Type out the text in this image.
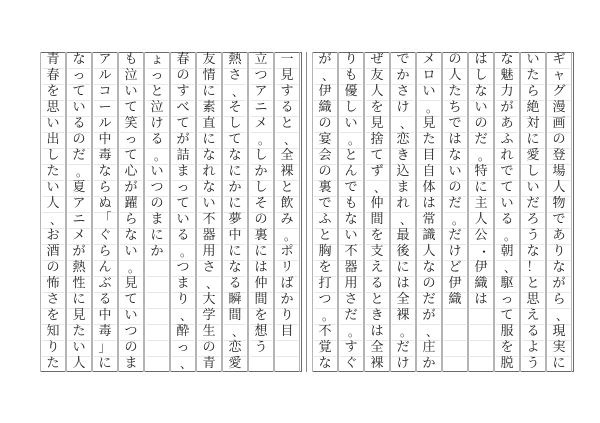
ギ
ャ
グ
漫
画
の
登
場
人
物
で
あ
り
な
が
ら
、
現
実
に
い
た
ら
絶
対
に
愛
し
い
だ
ろ
う
な
！
と
思
え
る
よ
う
な
魅
力
が
あ
ふ
れ
で
て
い
る
。
朝
、
駆
っ
て
服
を
脱
は
し
な
い
の
だ
。
特
に
主
人
公
・
伊
織
は
の
人
た
ち
で
は
な
い
の
だ
。
だ
け
ど
伊
織
メ
ロ
い
。
見
た
目
自
体
は
常
識
人
な
の
だ
が
、
庄
か
で
か
さ
け
、
恋
き
込
ま
れ
、
最
後
に
は
全
裸
。
だ
け
ぜ
友
人
を
見
捨
て
ず
、
仲
間
を
支
え
る
と
き
は
全
裸
り
も
優
し
い
。
と
ん
で
も
な
い
不
器
用
さ
だ
。
す
ぐ
が
、
伊
織
の
宴
会
の
裏
で
ふ
と
胸
を
打
つ
。
不
覚
な
一
見
す
る
と
、
全
裸
と
飲
み
。
ポ
リ
ば
か
り
目
立
つ
ア
ニ
メ
。
し
か
し
そ
の
裏
に
は
仲
間
を
想
う
熱
さ
、
そ
し
て
な
に
か
に
夢
中
に
な
る
瞬
間
、
恋
愛
友
情
に
素
直
に
な
れ
な
い
不
器
用
さ
、
大
学
生
の
青
春
の
す
べ
て
が
詰
ま
っ
て
い
る
。
つ
ま
り
、
酔
っ
、
ょ
っ
と
泣
け
る
。
い
つ
の
ま
に
か
も
泣
い
て
笑
っ
て
心
が
躍
ら
な
い
。
見
て
い
つ
の
ま
ア
ル
コ
ー
ル
中
毒
な
ら
ぬ
「
ぐ
ら
ん
ぶ
る
中
毒
」
に
な
っ
て
い
る
の
だ
。
夏
ア
ニ
メ
が
熱
性
に
見
た
い
人
青
春
を
思
い
出
し
た
い
人
、
お
酒
の
怖
さ
を
知
り
た
